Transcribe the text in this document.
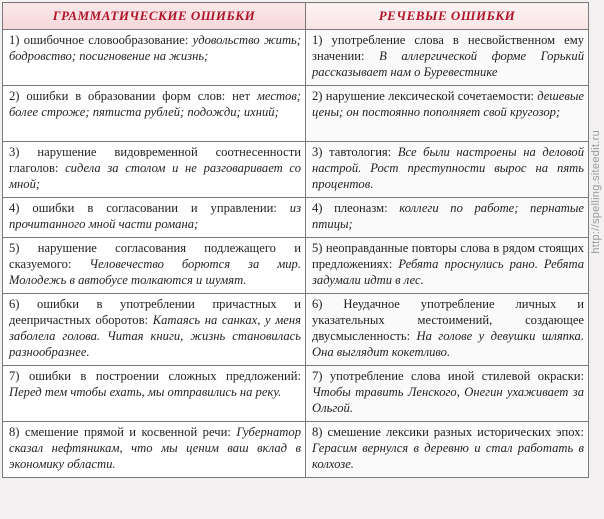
ГРАММАТИЧЕСКИЕ ОШИБКИ	РЕЧЕВЫЕ ОШИБКИ
1) ошибочное словообразование: удовольство жить; бодровство; посигновение на жизнь;	1) употребление слова в несвойственном ему значении: В аллергической форме Горький рассказывает нам о Буревестнике
2) ошибки в образовании форм слов: нет местов; более строже; пятиста рублей; подожди; ихний;	2) нарушение лексической сочетаемости: дешевые цены; он постоянно пополняет свой кругозор;
3) нарушение видовременной соотнесенности глаголов: сидела за столом и не разговаривает со мной;	3) тавтология: Все были настроены на деловой настрой. Рост преступности вырос на пять процентов.
4) ошибки в согласовании и управлении: из прочитанного мной части романа;	4) плеоназм: коллеги по работе; пернатые птицы;
5) нарушение согласования подлежащего и сказуемого: Человечество борются за мир. Молодежь в автобусе толкаются и шумят.	5) неоправданные повторы слова в рядом стоящих предложениях: Ребята проснулись рано. Ребята задумали идти в лес.
6) ошибки в употреблении причастных и деепричастных оборотов: Катаясь на санках, у меня заболела голова. Читая книги, жизнь становилась разнообразнее.	6) Неудачное употребление личных и указательных местоимений, создающее двусмысленность: На голове у девушки шляпка. Она выглядит кокетливо.
7) ошибки в построении сложных предложений: Перед тем чтобы ехать, мы отправились на реку.	7) употребление слова иной стилевой окраски: Чтобы травить Ленского, Онегин ухаживает за Ольгой.
8) смешение прямой и косвенной речи: Губернатор сказал нефтяникам, что мы ценим ваш вклад в экономику области.	8) смешение лексики разных исторических эпох: Герасим вернулся в деревню и стал работать в колхозе.
http://spelling.siteedit.ru
